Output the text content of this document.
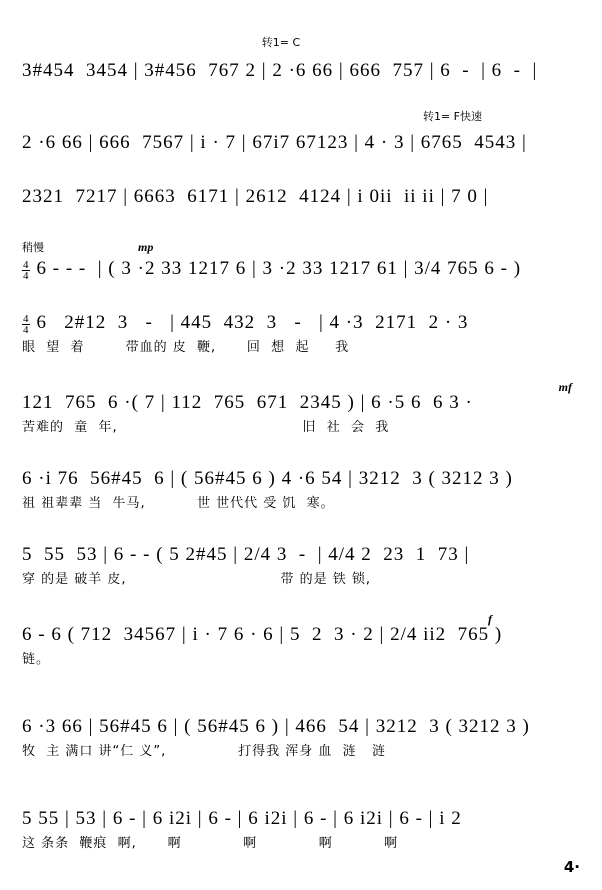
转1= C
3#454  3454 | 3#456  767 2 | 2 ·6 66 | 666  757 | 6  -  | 6  -  |
转1= F快速
2 ·6 66 | 666  7567 | i · 7 | 67i7 67123 | 4 · 3 | 6765  4543 |
2321  7217 | 6663  6171 | 2612  4124 | i 0ii  ii ii | 7 0 |
稍慢	mp
$\frac{4}{4} 6$ - - -  | ( 3 ·2 33 1217 6 | 3 ·2 33 1217 61 | 3/4 765 6 - )
$\frac{4}{4} 6$   2#12  3   -   | 445  432  3   -   | 4 ·3  2171  2 · 3
眼  望  着        带血的 皮  鞭,      回  想  起     我
mf
121  765  6 ·( 7 | 112  765  671  2345 ) | 6 ·5 6  6 3 ·
苦难的  童  年,                                    旧  社  会  我
6 ·i 76  56#45  6 | ( 56#45 6 ) 4 ·6 54 | 3212  3 ( 3212 3 )
祖 祖辈辈 当  牛马,          世 世代代 受 饥  寒。
5  55  53 | 6 - - ( 5 2#45 | 2/4 3  -  | 4/4 2  23  1  73 |
穿 的是 破羊 皮,                              带 的是 铁 锁,
f
6 - 6 ( 712  34567 | i · 7 6 · 6 | 5  2  3 · 2 | 2/4 ii2  765 )
链。
6 ·3 66 | 56#45 6 | ( 56#45 6 ) | 466  54 | 3212  3 ( 3212 3 )
牧  主 满口 讲“仁 义”,              打得我 浑身 血  涟   涟
5 55 | 53 | 6 - | 6 i2i | 6 - | 6 i2i | 6 - | 6 i2i | 6 - | i 2
这 条条  鞭痕  啊,      啊            啊            啊          啊
4·
